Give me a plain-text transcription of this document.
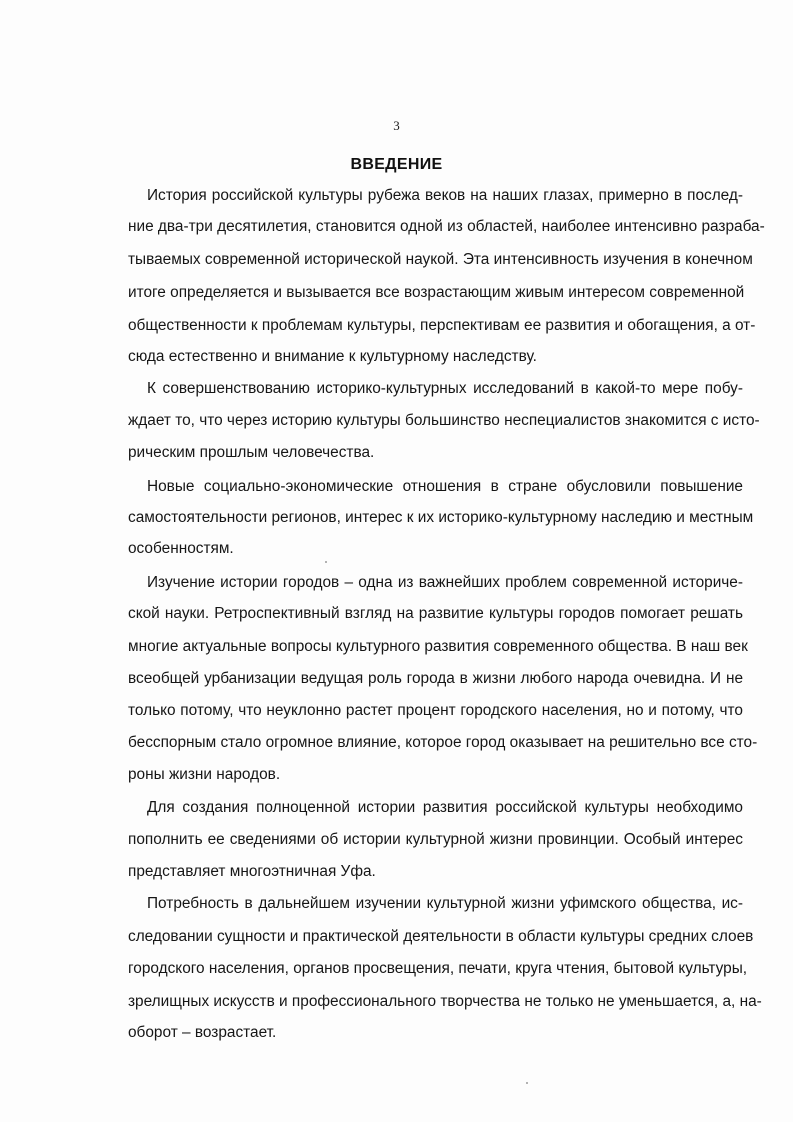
3
ВВЕДЕНИЕ
История российской культуры рубежа веков на наших глазах, примерно в послед-
ние два-три десятилетия, становится одной из областей, наиболее интенсивно разраба-
тываемых современной исторической наукой. Эта интенсивность изучения в конечном
итоге определяется и вызывается все возрастающим живым интересом современной
общественности к проблемам культуры, перспективам ее развития и обогащения, а от-
сюда естественно и внимание к культурному наследству.
К совершенствованию историко-культурных исследований в какой-то мере побу-
ждает то, что через историю культуры большинство неспециалистов знакомится с исто-
рическим прошлым человечества.
Новые социально-экономические отношения в стране обусловили повышение
самостоятельности регионов, интерес к их историко-культурному наследию и местным
особенностям.
Изучение истории городов – одна из важнейших проблем современной историче-
ской науки. Ретроспективный взгляд на развитие культуры городов помогает решать
многие актуальные вопросы культурного развития современного общества. В наш век
всеобщей урбанизации ведущая роль города в жизни любого народа очевидна. И не
только потому, что неуклонно растет процент городского населения, но и потому, что
бесспорным стало огромное влияние, которое город оказывает на решительно все сто-
роны жизни народов.
Для создания полноценной истории развития российской культуры необходимо
пополнить ее сведениями об истории культурной жизни провинции. Особый интерес
представляет многоэтничная Уфа.
Потребность в дальнейшем изучении культурной жизни уфимского общества, ис-
следовании сущности и практической деятельности в области культуры средних слоев
городского населения, органов просвещения, печати, круга чтения, бытовой культуры,
зрелищных искусств и профессионального творчества не только не уменьшается, а, на-
оборот – возрастает.
